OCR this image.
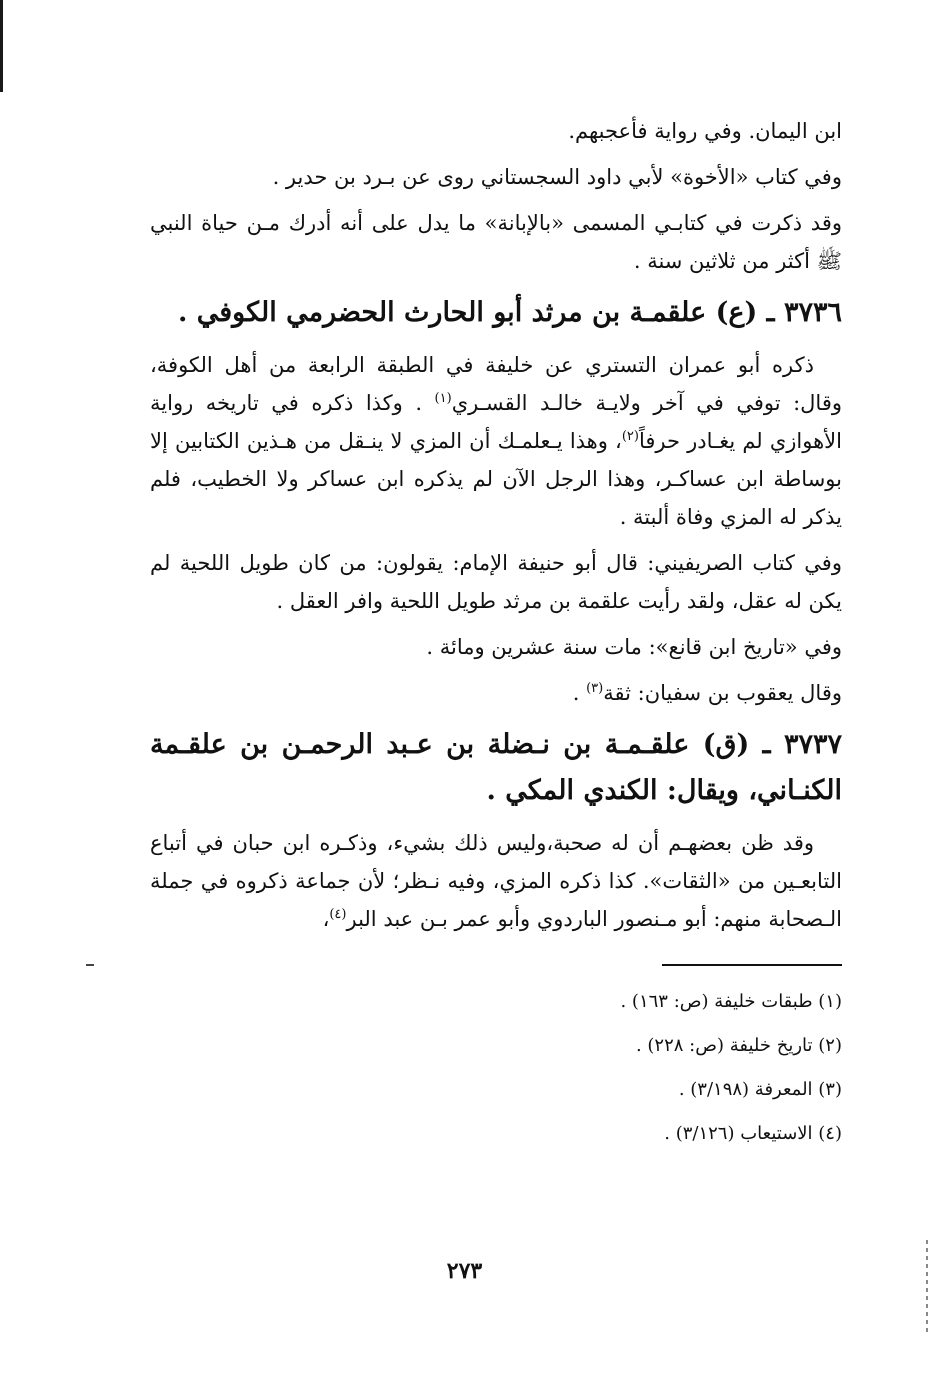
ابن اليمان. وفي رواية فأعجبهم.

وفي كتاب «الأخوة» لأبي داود السجستاني روى عن بـرد بن حدير .

وقد ذكرت في كتابـي المسمى «بالإبانة» ما يدل على أنه أدرك مـن حياة النبي ﷺ أكثر من ثلاثين سنة .

٣٧٣٦ ـ (ع) علقمـة بن مرثد أبو الحارث الحضرمي الكوفي .

ذكره أبو عمران التستري عن خليفة في الطبقة الرابعة من أهل الكوفة، وقال: توفي في آخر ولايـة خالـد القسـري$^{(١)}$ . وكذا ذكره في تاريخه رواية الأهوازي لم يغـادر حرفاً$^{(٢)}$، وهذا يـعلمـك أن المزي لا ينـقل من هـذين الكتابين إلا بوساطة ابن عساكـر، وهذا الرجل الآن لم يذكره ابن عساكر ولا الخطيب، فلم يذكر له المزي وفاة ألبتة .

وفي كتاب الصريفيني: قال أبو حنيفة الإمام: يقولون: من كان طويل اللحية لم يكن له عقل، ولقد رأيت علقمة بن مرثد طويل اللحية وافر العقل .

وفي «تاريخ ابن قانع»: مات سنة عشرين ومائة .

وقال يعقوب بن سفيان: ثقة$^{(٣)}$ .

٣٧٣٧ ـ (ق) علقـمـة بن نـضلة بن عـبد الرحمـن بن علقـمة الكنـاني، ويقال: الكندي المكي .

وقد ظن بعضهـم أن له صحبة،وليس ذلك بشيء، وذكـره ابن حبان في أتباع التابعـين من «الثقات». كذا ذكره المزي، وفيه نـظر؛ لأن جماعة ذكروه في جملة الـصحابة منهم: أبو مـنصور الباردوي وأبو عمر بـن عبد البر$^{(٤)}$،

(١) طبقات خليفة (ص: ١٦٣) .
(٢) تاريخ خليفة (ص: ٢٢٨) .
(٣) المعرفة (٣/١٩٨) .
(٤) الاستيعاب (٣/١٢٦) .
٢٧٣
